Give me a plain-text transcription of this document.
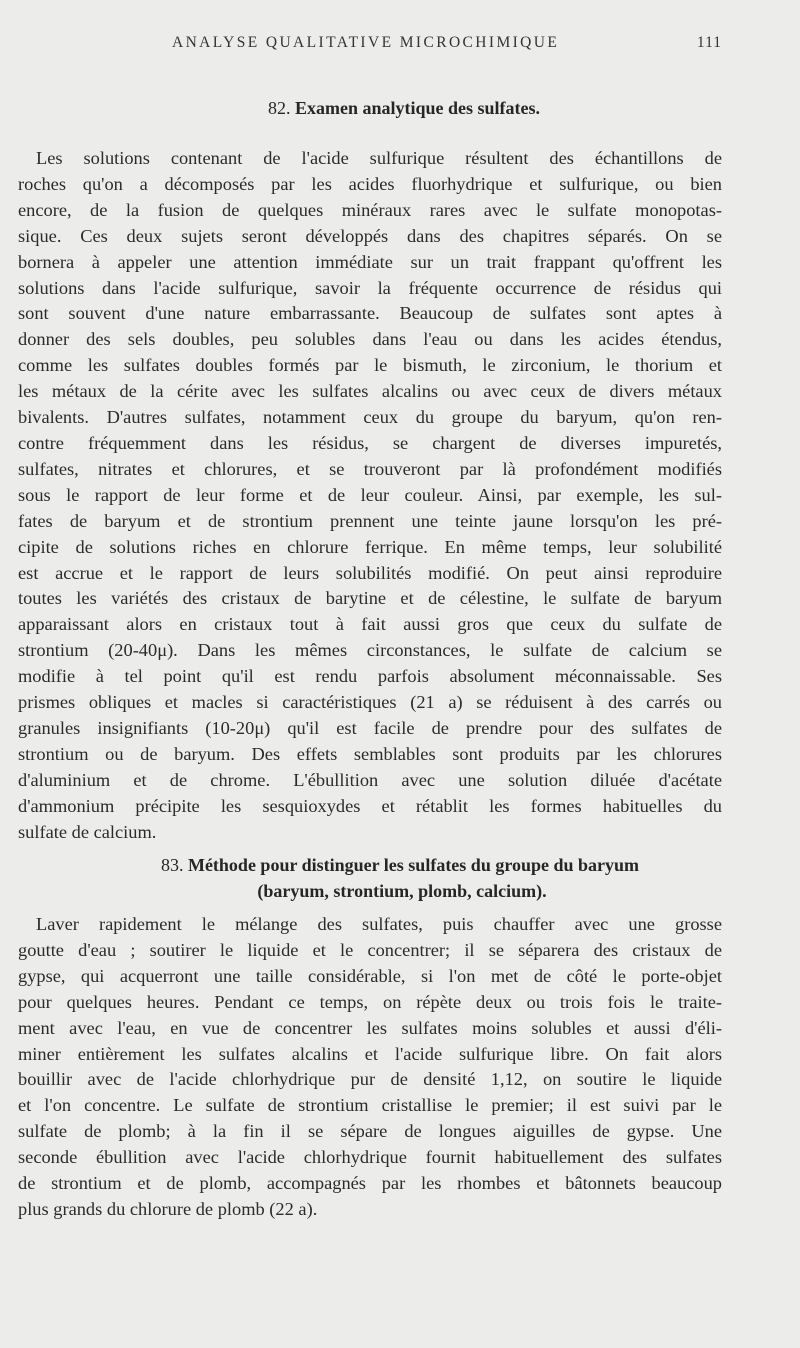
ANALYSE QUALITATIVE MICROCHIMIQUE	111
82. Examen analytique des sulfates.
Les solutions contenant de l'acide sulfurique résultent des échantillons de
roches qu'on a décomposés par les acides fluorhydrique et sulfurique, ou bien
encore, de la fusion de quelques minéraux rares avec le sulfate monopotas-
sique. Ces deux sujets seront développés dans des chapitres séparés. On se
bornera à appeler une attention immédiate sur un trait frappant qu'offrent les
solutions dans l'acide sulfurique, savoir la fréquente occurrence de résidus qui
sont souvent d'une nature embarrassante. Beaucoup de sulfates sont aptes à
donner des sels doubles, peu solubles dans l'eau ou dans les acides étendus,
comme les sulfates doubles formés par le bismuth, le zirconium, le thorium et
les métaux de la cérite avec les sulfates alcalins ou avec ceux de divers métaux
bivalents. D'autres sulfates, notamment ceux du groupe du baryum, qu'on ren-
contre fréquemment dans les résidus, se chargent de diverses impuretés,
sulfates, nitrates et chlorures, et se trouveront par là profondément modifiés
sous le rapport de leur forme et de leur couleur. Ainsi, par exemple, les sul-
fates de baryum et de strontium prennent une teinte jaune lorsqu'on les pré-
cipite de solutions riches en chlorure ferrique. En même temps, leur solubilité
est accrue et le rapport de leurs solubilités modifié. On peut ainsi reproduire
toutes les variétés des cristaux de barytine et de célestine, le sulfate de baryum
apparaissant alors en cristaux tout à fait aussi gros que ceux du sulfate de
strontium (20-40μ). Dans les mêmes circonstances, le sulfate de calcium se
modifie à tel point qu'il est rendu parfois absolument méconnaissable. Ses
prismes obliques et macles si caractéristiques (21 a) se réduisent à des carrés ou
granules insignifiants (10-20μ) qu'il est facile de prendre pour des sulfates de
strontium ou de baryum. Des effets semblables sont produits par les chlorures
d'aluminium et de chrome. L'ébullition avec une solution diluée d'acétate
d'ammonium précipite les sesquioxydes et rétablit les formes habituelles du
sulfate de calcium.
83. Méthode pour distinguer les sulfates du groupe du baryum
(baryum, strontium, plomb, calcium).
Laver rapidement le mélange des sulfates, puis chauffer avec une grosse
goutte d'eau ; soutirer le liquide et le concentrer; il se séparera des cristaux de
gypse, qui acquerront une taille considérable, si l'on met de côté le porte-objet
pour quelques heures. Pendant ce temps, on répète deux ou trois fois le traite-
ment avec l'eau, en vue de concentrer les sulfates moins solubles et aussi d'éli-
miner entièrement les sulfates alcalins et l'acide sulfurique libre. On fait alors
bouillir avec de l'acide chlorhydrique pur de densité 1,12, on soutire le liquide
et l'on concentre. Le sulfate de strontium cristallise le premier; il est suivi par le
sulfate de plomb; à la fin il se sépare de longues aiguilles de gypse. Une
seconde ébullition avec l'acide chlorhydrique fournit habituellement des sulfates
de strontium et de plomb, accompagnés par les rhombes et bâtonnets beaucoup
plus grands du chlorure de plomb (22 a).
